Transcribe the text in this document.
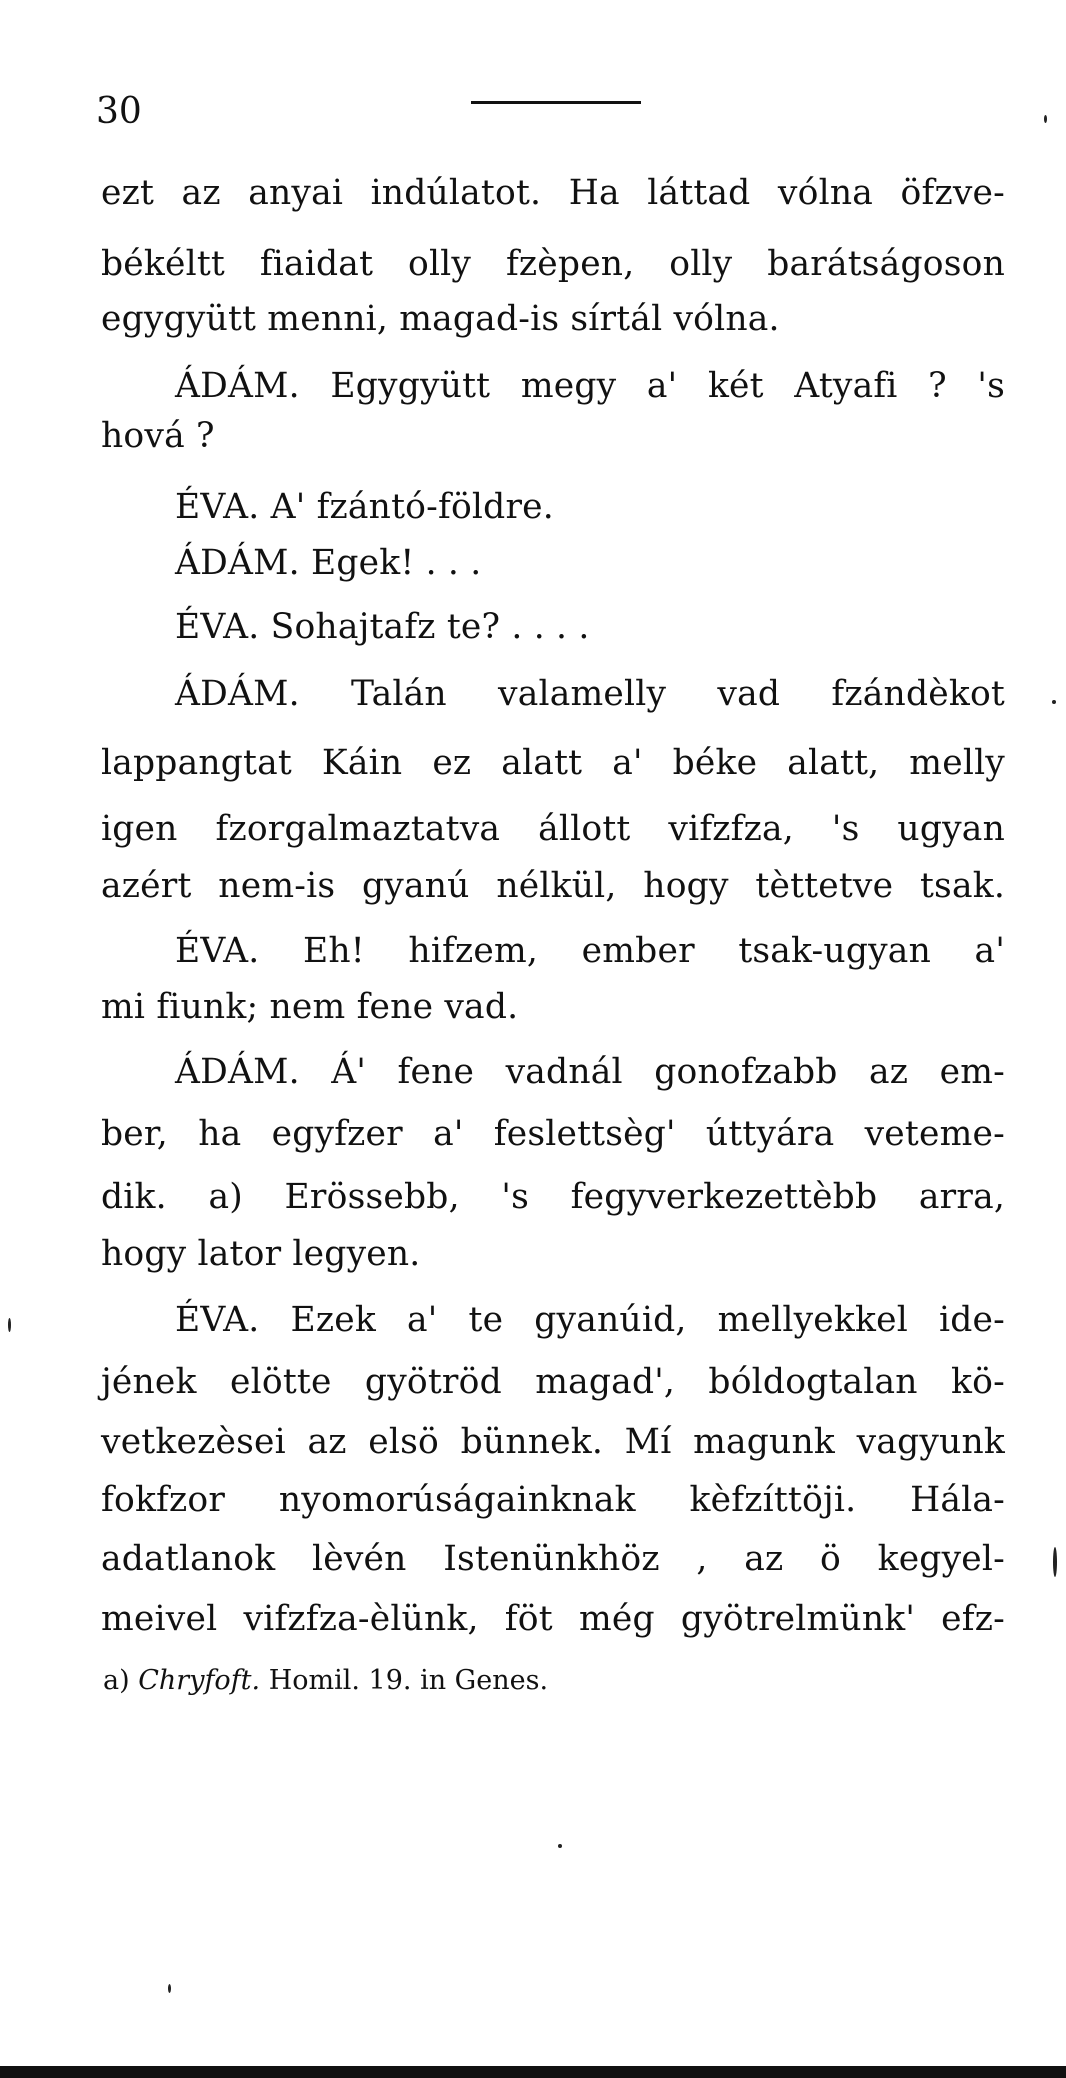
30
ezt az anyai indúlatot. Ha láttad vólna öfzve-
békéltt fiaidat olly fzèpen, olly barátságoson
egygyütt menni, magad-is sírtál vólna.
ÁDÁM. Egygyütt megy a' két Atyafi ? 's
hová ?
ÉVA. A' fzántó-földre.
ÁDÁM. Egek! . . .
ÉVA. Sohajtafz te? . . . .
ÁDÁM. Talán valamelly vad fzándèkot
lappangtat Káin ez alatt a' béke alatt, melly
igen fzorgalmaztatva állott vifzfza, 's ugyan
azért nem-is gyanú nélkül, hogy tèttetve tsak.
ÉVA. Eh! hifzem, ember tsak-ugyan a'
mi fiunk; nem fene vad.
ÁDÁM. Á' fene vadnál gonofzabb az em-
ber, ha egyfzer a' feslettsèg' úttyára veteme-
dik. a) Erössebb, 's fegyverkezettèbb arra,
hogy lator legyen.
ÉVA. Ezek a' te gyanúid, mellyekkel ide-
jének elötte gyötröd magad', bóldogtalan kö-
vetkezèsei az elsö bünnek. Mí magunk vagyunk
fokfzor nyomorúságainknak kèfzíttöji. Hála-
adatlanok lèvén Istenünkhöz , az ö kegyel-
meivel vifzfza-èlünk, föt még gyötrelmünk' efz-
a) Chryfoft. Homil. 19. in Genes.
